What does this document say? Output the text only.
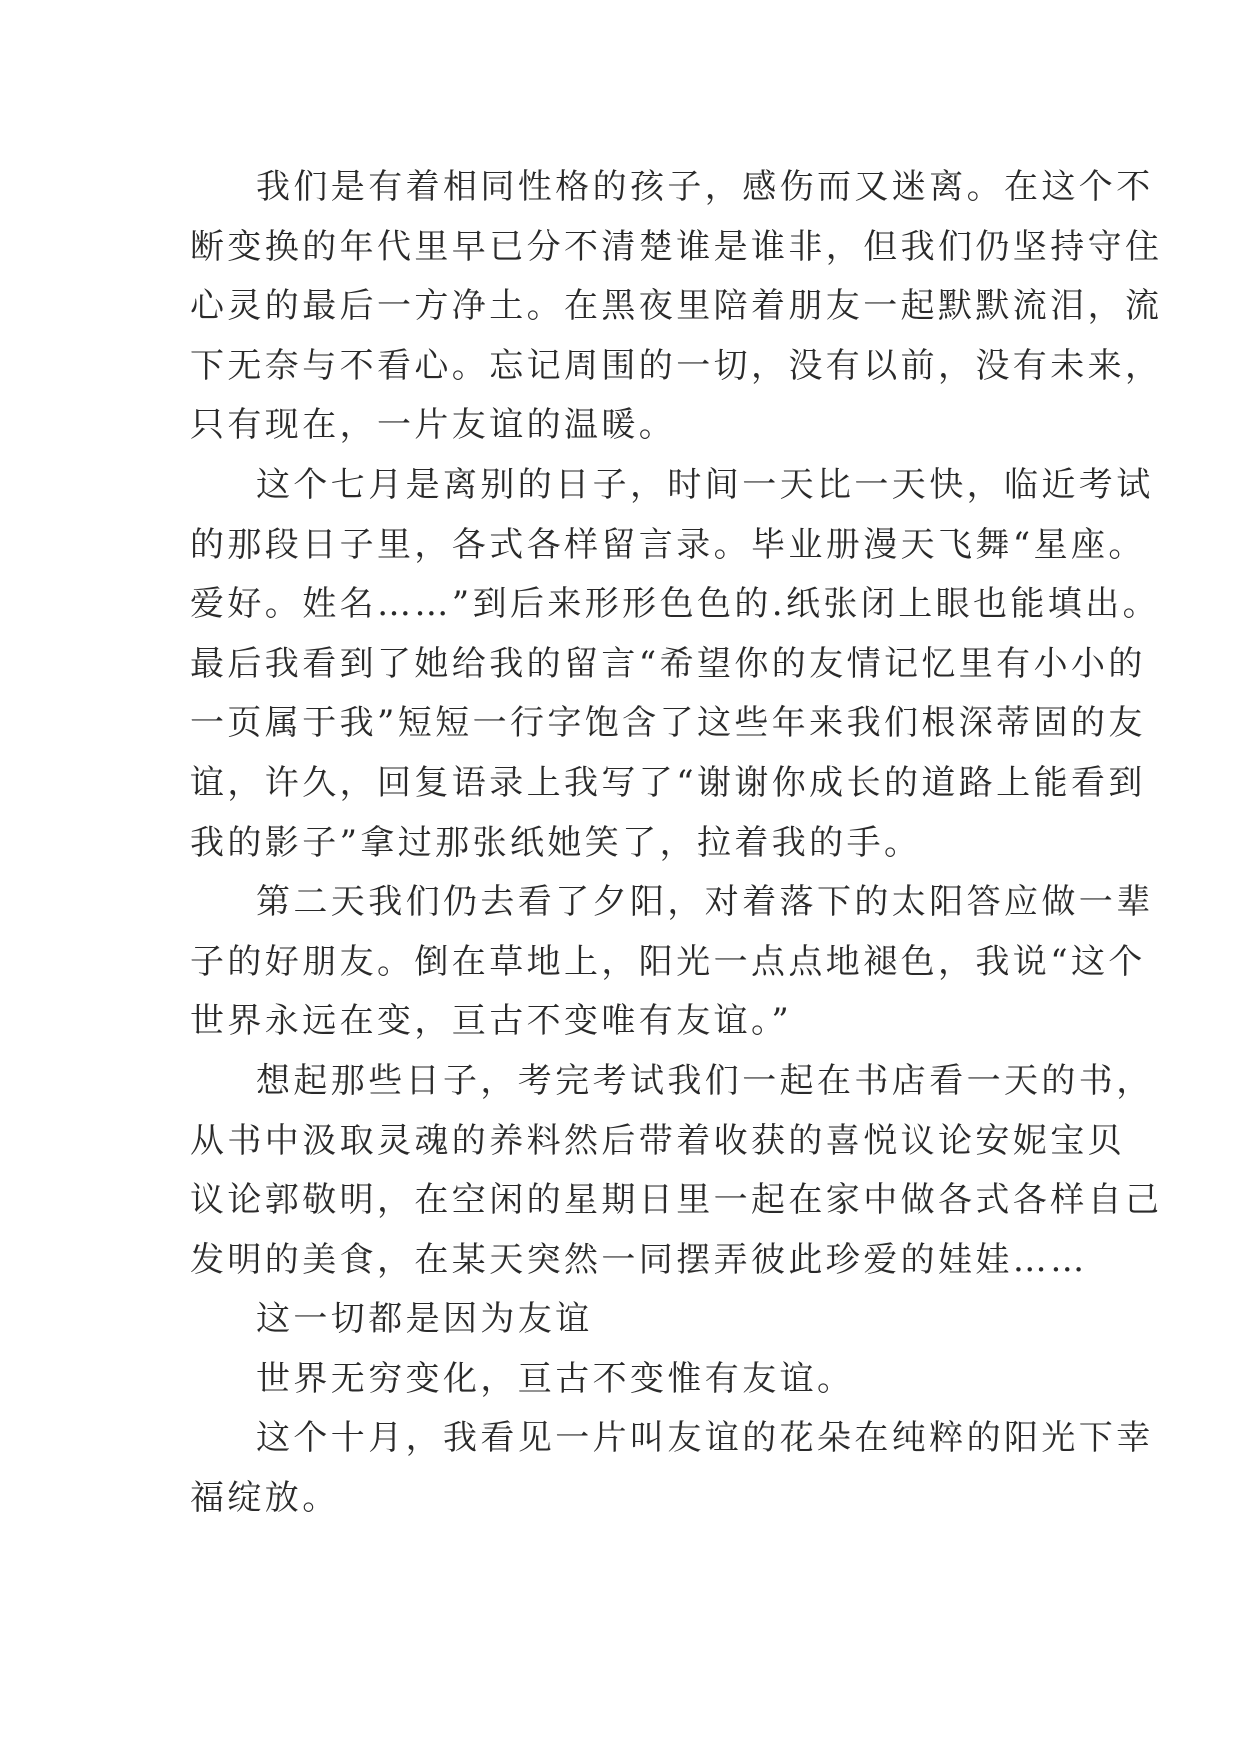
我们是有着相同性格的孩子，感伤而又迷离。在这个不
断变换的年代里早已分不清楚谁是谁非，但我们仍坚持守住
心灵的最后一方净土。在黑夜里陪着朋友一起默默流泪，流
下无奈与不看心。忘记周围的一切，没有以前，没有未来，
只有现在，一片友谊的温暖。
这个七月是离别的日子，时间一天比一天快，临近考试
的那段日子里，各式各样留言录。毕业册漫天飞舞“星座。
爱好。姓名……”到后来形形色色的.纸张闭上眼也能填出。
最后我看到了她给我的留言“希望你的友情记忆里有小小的
一页属于我”短短一行字饱含了这些年来我们根深蒂固的友
谊，许久，回复语录上我写了“谢谢你成长的道路上能看到
我的影子”拿过那张纸她笑了，拉着我的手。
第二天我们仍去看了夕阳，对着落下的太阳答应做一辈
子的好朋友。倒在草地上，阳光一点点地褪色，我说“这个
世界永远在变，亘古不变唯有友谊。”
想起那些日子，考完考试我们一起在书店看一天的书，
从书中汲取灵魂的养料然后带着收获的喜悦议论安妮宝贝
议论郭敬明，在空闲的星期日里一起在家中做各式各样自己
发明的美食，在某天突然一同摆弄彼此珍爱的娃娃……
这一切都是因为友谊
世界无穷变化，亘古不变惟有友谊。
这个十月，我看见一片叫友谊的花朵在纯粹的阳光下幸
福绽放。
